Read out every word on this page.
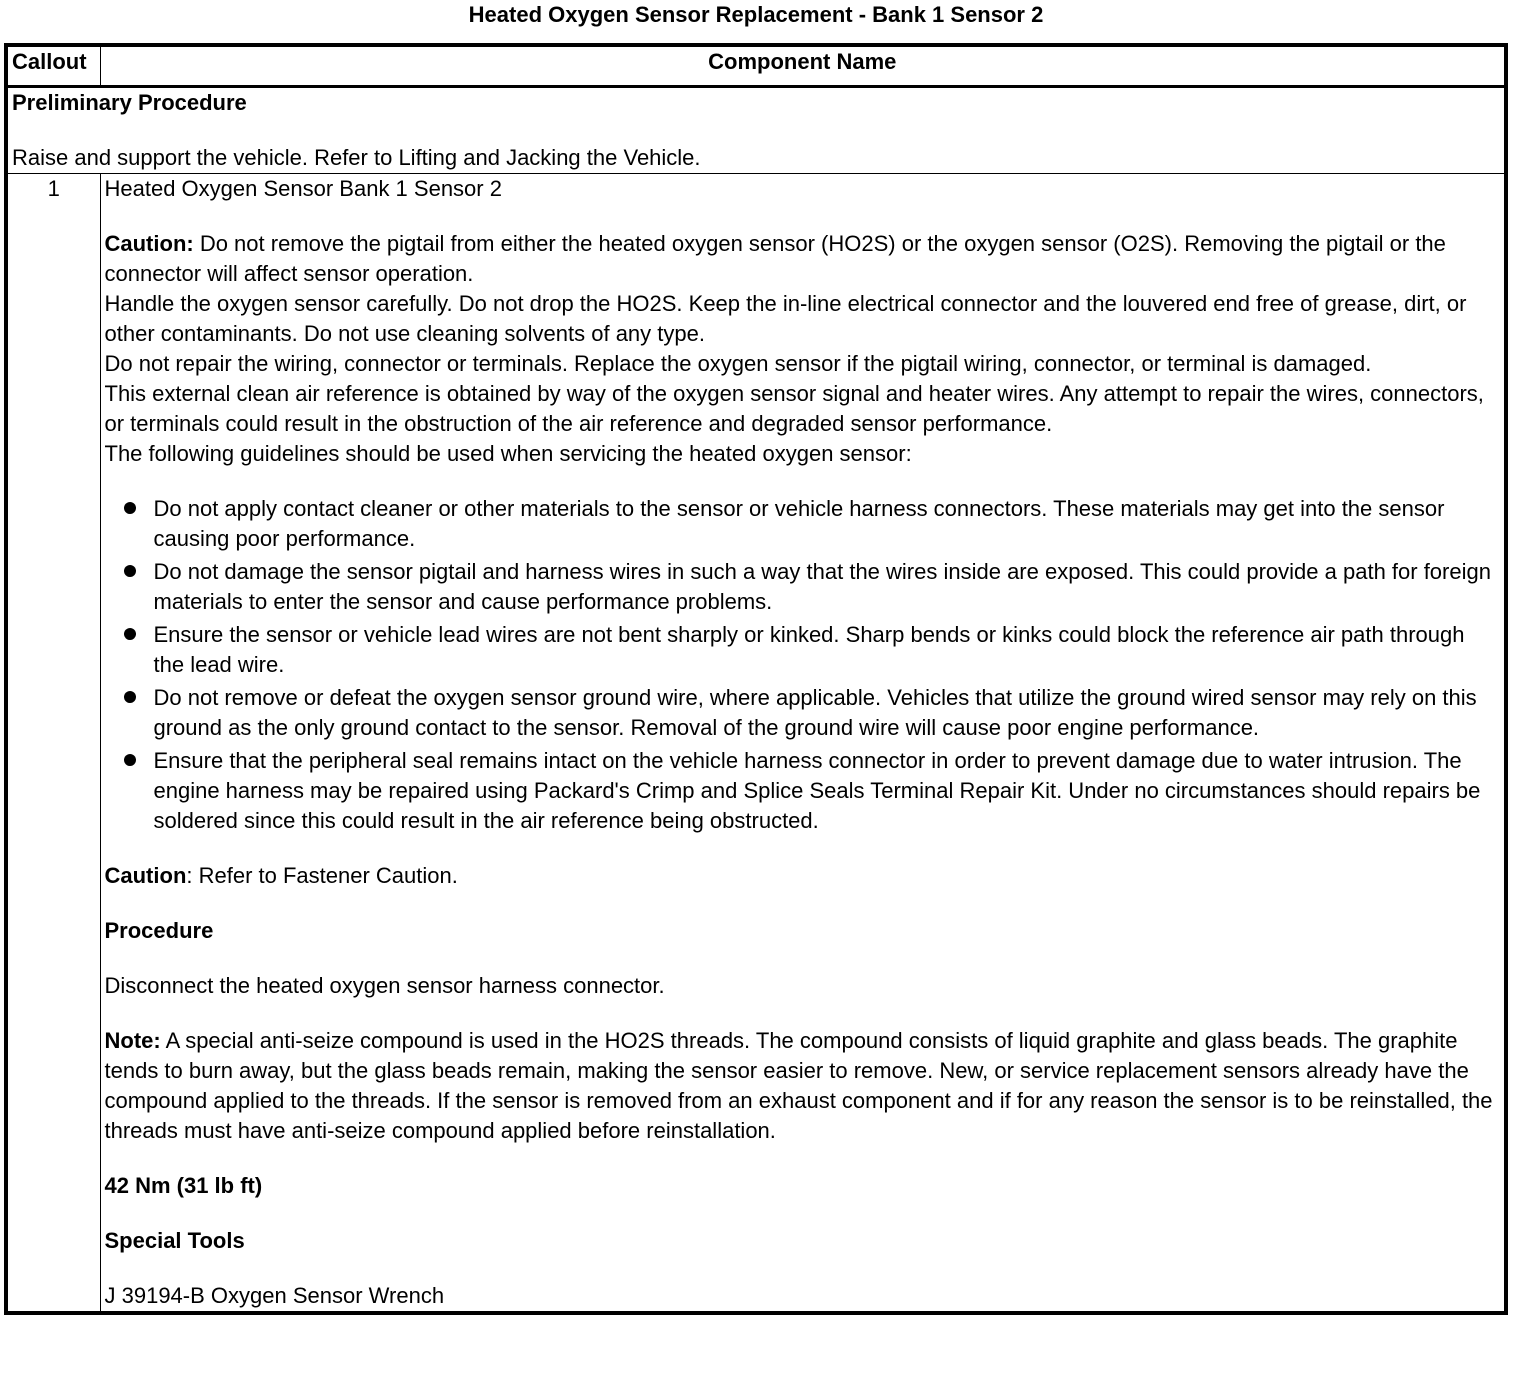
Heated Oxygen Sensor Replacement - Bank 1 Sensor 2
Callout	Component Name

Preliminary Procedure

Raise and support the vehicle. Refer to Lifting and Jacking the Vehicle.	

1	Heated Oxygen Sensor Bank 1 Sensor 2

Caution: Do not remove the pigtail from either the heated oxygen sensor (HO2S) or the oxygen sensor (O2S). Removing the pigtail or the connector will affect sensor operation.

Handle the oxygen sensor carefully. Do not drop the HO2S. Keep the in-line electrical connector and the louvered end free of grease, dirt, or other contaminants. Do not use cleaning solvents of any type.

Do not repair the wiring, connector or terminals. Replace the oxygen sensor if the pigtail wiring, connector, or terminal is damaged.

This external clean air reference is obtained by way of the oxygen sensor signal and heater wires. Any attempt to repair the wires, connectors, or terminals could result in the obstruction of the air reference and degraded sensor performance.

The following guidelines should be used when servicing the heated oxygen sensor:

Do not apply contact cleaner or other materials to the sensor or vehicle harness connectors. These materials may get into the sensor causing poor performance.
Do not damage the sensor pigtail and harness wires in such a way that the wires inside are exposed. This could provide a path for foreign materials to enter the sensor and cause performance problems.
Ensure the sensor or vehicle lead wires are not bent sharply or kinked. Sharp bends or kinks could block the reference air path through the lead wire.
Do not remove or defeat the oxygen sensor ground wire, where applicable. Vehicles that utilize the ground wired sensor may rely on this ground as the only ground contact to the sensor. Removal of the ground wire will cause poor engine performance.
Ensure that the peripheral seal remains intact on the vehicle harness connector in order to prevent damage due to water intrusion. The engine harness may be repaired using Packard's Crimp and Splice Seals Terminal Repair Kit. Under no circumstances should repairs be soldered since this could result in the air reference being obstructed.

Caution: Refer to Fastener Caution.

Procedure

Disconnect the heated oxygen sensor harness connector.

Note: A special anti-seize compound is used in the HO2S threads. The compound consists of liquid graphite and glass beads. The graphite tends to burn away, but the glass beads remain, making the sensor easier to remove. New, or service replacement sensors already have the compound applied to the threads. If the sensor is removed from an exhaust component and if for any reason the sensor is to be reinstalled, the threads must have anti-seize compound applied before reinstallation.

42 Nm (31 lb ft)

Special Tools

J 39194-B Oxygen Sensor Wrench
